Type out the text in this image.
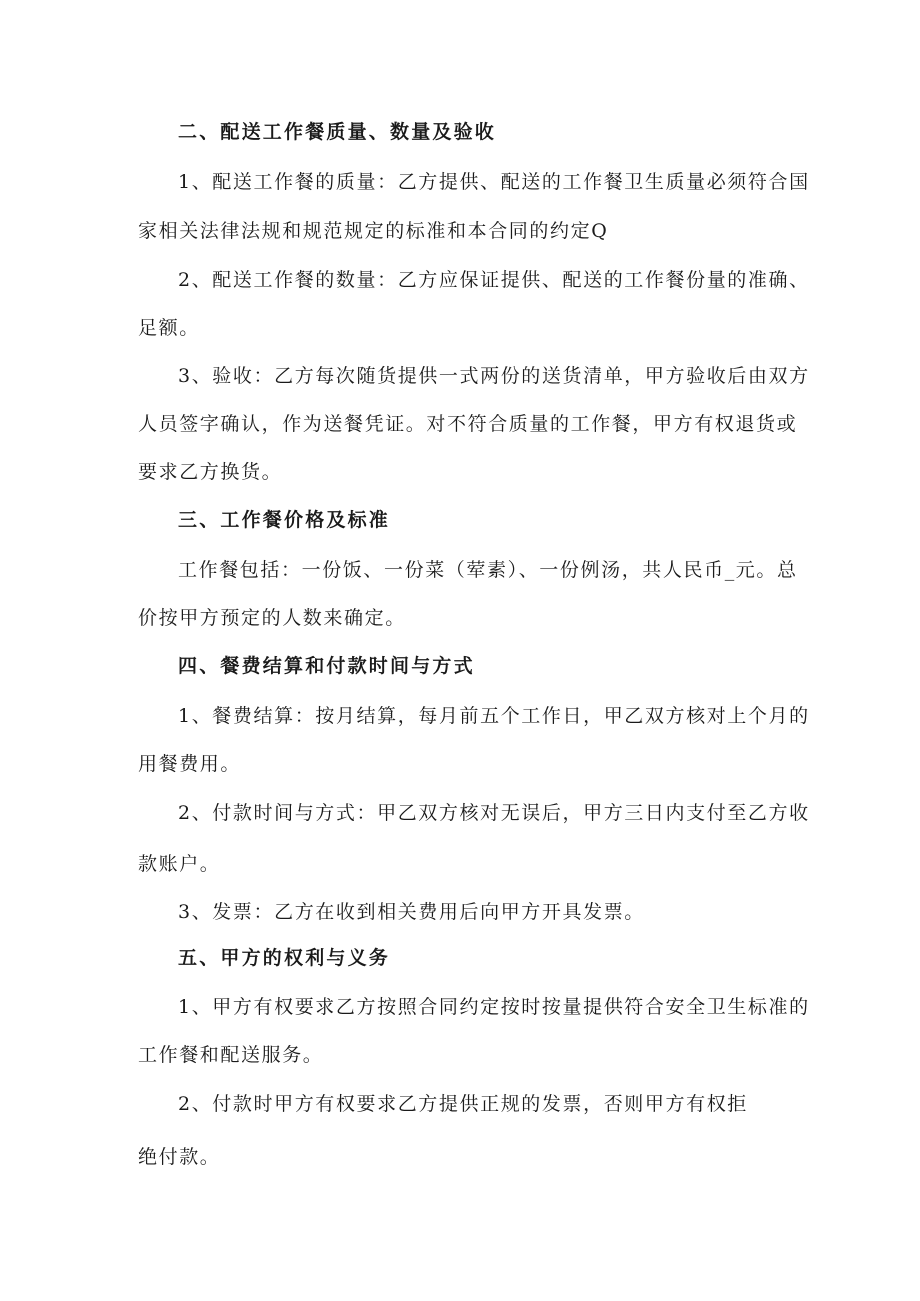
二、配送工作餐质量、数量及验收

1、配送工作餐的质量：乙方提供、配送的工作餐卫生质量必须符合国

家相关法律法规和规范规定的标准和本合同的约定Q

2、配送工作餐的数量：乙方应保证提供、配送的工作餐份量的准确、

足额。

3、验收：乙方每次随货提供一式两份的送货清单，甲方验收后由双方

人员签字确认，作为送餐凭证。对不符合质量的工作餐，甲方有权退货或

要求乙方换货。

三、工作餐价格及标准

工作餐包括：一份饭、一份菜（荤素）、一份例汤，共人民币_元。总

价按甲方预定的人数来确定。

四、餐费结算和付款时间与方式

1、餐费结算：按月结算，每月前五个工作日，甲乙双方核对上个月的

用餐费用。

2、付款时间与方式：甲乙双方核对无误后，甲方三日内支付至乙方收

款账户。

3、发票：乙方在收到相关费用后向甲方开具发票。

五、甲方的权利与义务

1、甲方有权要求乙方按照合同约定按时按量提供符合安全卫生标准的

工作餐和配送服务。

2、付款时甲方有权要求乙方提供正规的发票，否则甲方有权拒

绝付款。
